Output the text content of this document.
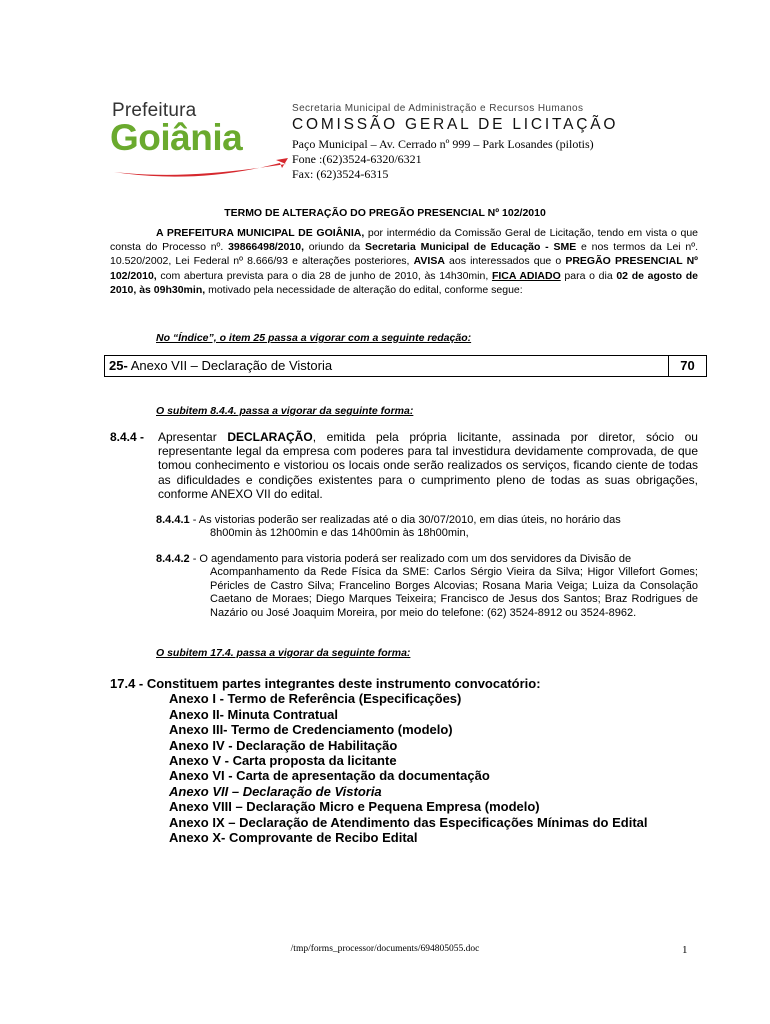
Prefeitura
Goiânia
Secretaria Municipal de Administração e Recursos Humanos
COMISSÃO GERAL DE LICITAÇÃO
Paço Municipal – Av. Cerrado nº 999 – Park Losandes (pilotis)
Fone :(62)3524-6320/6321
Fax: (62)3524-6315
TERMO DE ALTERAÇÃO DO PREGÃO PRESENCIAL Nº 102/2010
A PREFEITURA MUNICIPAL DE GOIÂNIA, por intermédio da Comissão Geral de Licitação, tendo em vista o que consta do Processo nº. 39866498/2010, oriundo da Secretaria Municipal de Educação - SME e nos termos da Lei nº. 10.520/2002, Lei Federal nº 8.666/93 e alterações posteriores, AVISA aos interessados que o PREGÃO PRESENCIAL Nº 102/2010, com abertura prevista para o dia 28 de junho de 2010, às 14h30min, FICA ADIADO para o dia 02 de agosto de 2010, às 09h30min, motivado pela necessidade de alteração do edital, conforme segue:
No “Índice”, o item 25 passa a vigorar com a seguinte redação:
25- Anexo VII – Declaração de Vistoria	70
O subitem 8.4.4. passa a vigorar da seguinte forma:
8.4.4 - Apresentar DECLARAÇÃO, emitida pela própria licitante, assinada por diretor, sócio ou representante legal da empresa com poderes para tal investidura devidamente comprovada, de que tomou conhecimento e vistoriou os locais onde serão realizados os serviços, ficando ciente de todas as dificuldades e condições existentes para o cumprimento pleno de todas as suas obrigações, conforme ANEXO VII do edital.
8.4.4.1 - As vistorias poderão ser realizadas até o dia 30/07/2010, em dias úteis, no horário das
8h00min às 12h00min e das 14h00min às 18h00min,
8.4.4.2 - O agendamento para vistoria poderá ser realizado com um dos servidores da Divisão de
Acompanhamento da Rede Física da SME: Carlos Sérgio Vieira da Silva; Higor Villefort Gomes; Péricles de Castro Silva; Francelino Borges Alcovias; Rosana Maria Veiga; Luiza da Consolação Caetano de Moraes; Diego Marques Teixeira; Francisco de Jesus dos Santos; Braz Rodrigues de Nazário ou José Joaquim Moreira, por meio do telefone: (62) 3524-8912 ou 3524-8962.
O subitem 17.4. passa a vigorar da seguinte forma:
17.4 - Constituem partes integrantes deste instrumento convocatório:
Anexo I - Termo de Referência (Especificações)
Anexo II- Minuta Contratual
Anexo III- Termo de Credenciamento (modelo)
Anexo IV - Declaração de Habilitação
Anexo V - Carta proposta da licitante
Anexo VI - Carta de apresentação da documentação
Anexo VII – Declaração de Vistoria
Anexo VIII – Declaração Micro e Pequena Empresa (modelo)
Anexo IX – Declaração de Atendimento das Especificações Mínimas do Edital
Anexo X- Comprovante de Recibo Edital
/tmp/forms_processor/documents/694805055.doc	1
